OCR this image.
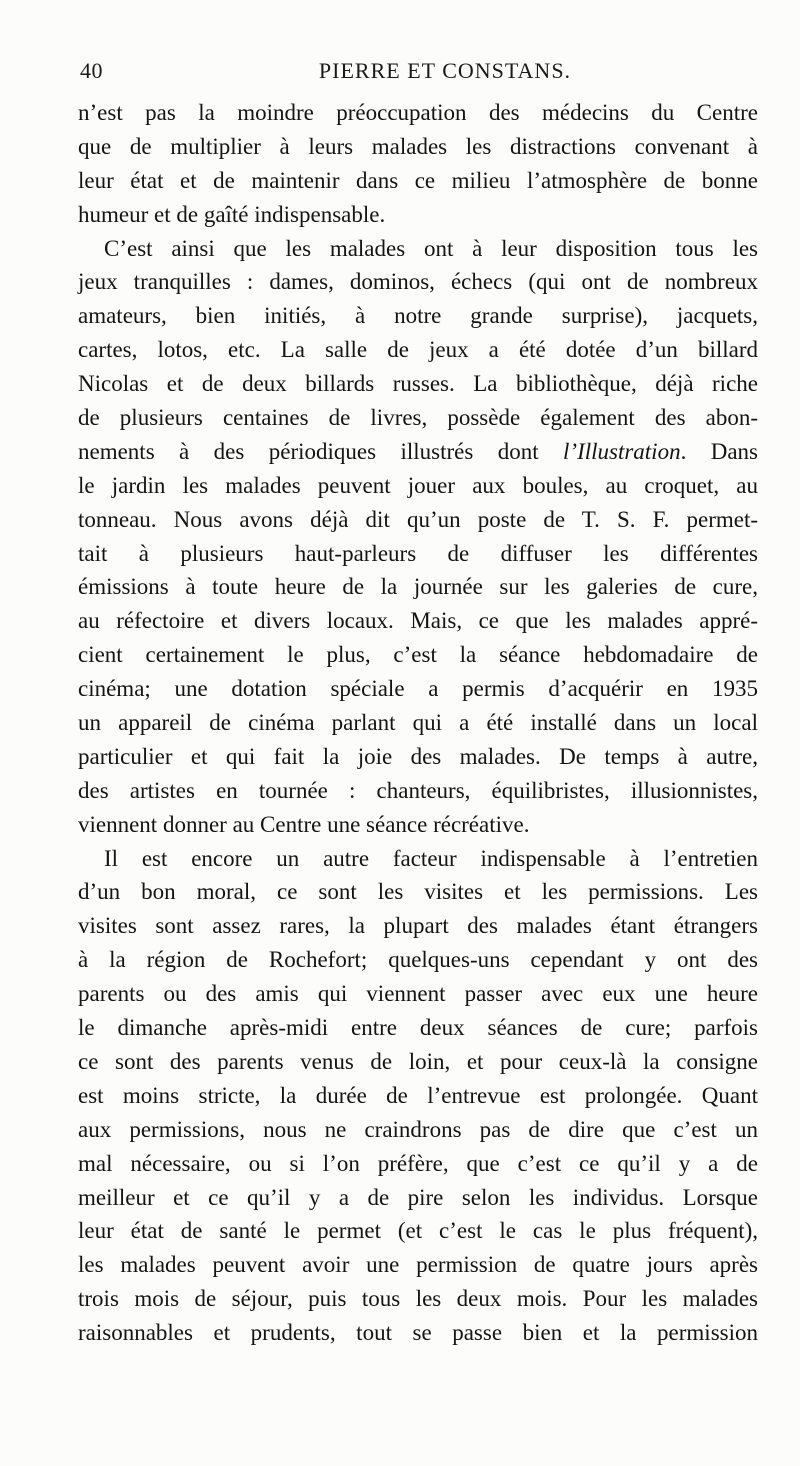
40	PIERRE ET CONSTANS.
n’est pas la moindre préoccupation des médecins du Centre
que de multiplier à leurs malades les distractions convenant à
leur état et de maintenir dans ce milieu l’atmosphère de bonne
humeur et de gaîté indispensable.
C’est ainsi que les malades ont à leur disposition tous les
jeux tranquilles : dames, dominos, échecs (qui ont de nombreux
amateurs, bien initiés, à notre grande surprise), jacquets,
cartes, lotos, etc. La salle de jeux a été dotée d’un billard
Nicolas et de deux billards russes. La bibliothèque, déjà riche
de plusieurs centaines de livres, possède également des abon-
nements à des périodiques illustrés dont l’Illustration. Dans
le jardin les malades peuvent jouer aux boules, au croquet, au
tonneau. Nous avons déjà dit qu’un poste de T. S. F. permet-
tait à plusieurs haut-parleurs de diffuser les différentes
émissions à toute heure de la journée sur les galeries de cure,
au réfectoire et divers locaux. Mais, ce que les malades appré-
cient certainement le plus, c’est la séance hebdomadaire de
cinéma; une dotation spéciale a permis d’acquérir en 1935
un appareil de cinéma parlant qui a été installé dans un local
particulier et qui fait la joie des malades. De temps à autre,
des artistes en tournée : chanteurs, équilibristes, illusionnistes,
viennent donner au Centre une séance récréative.
Il est encore un autre facteur indispensable à l’entretien
d’un bon moral, ce sont les visites et les permissions. Les
visites sont assez rares, la plupart des malades étant étrangers
à la région de Rochefort; quelques-uns cependant y ont des
parents ou des amis qui viennent passer avec eux une heure
le dimanche après-midi entre deux séances de cure; parfois
ce sont des parents venus de loin, et pour ceux-là la consigne
est moins stricte, la durée de l’entrevue est prolongée. Quant
aux permissions, nous ne craindrons pas de dire que c’est un
mal nécessaire, ou si l’on préfère, que c’est ce qu’il y a de
meilleur et ce qu’il y a de pire selon les individus. Lorsque
leur état de santé le permet (et c’est le cas le plus fréquent),
les malades peuvent avoir une permission de quatre jours après
trois mois de séjour, puis tous les deux mois. Pour les malades
raisonnables et prudents, tout se passe bien et la permission
